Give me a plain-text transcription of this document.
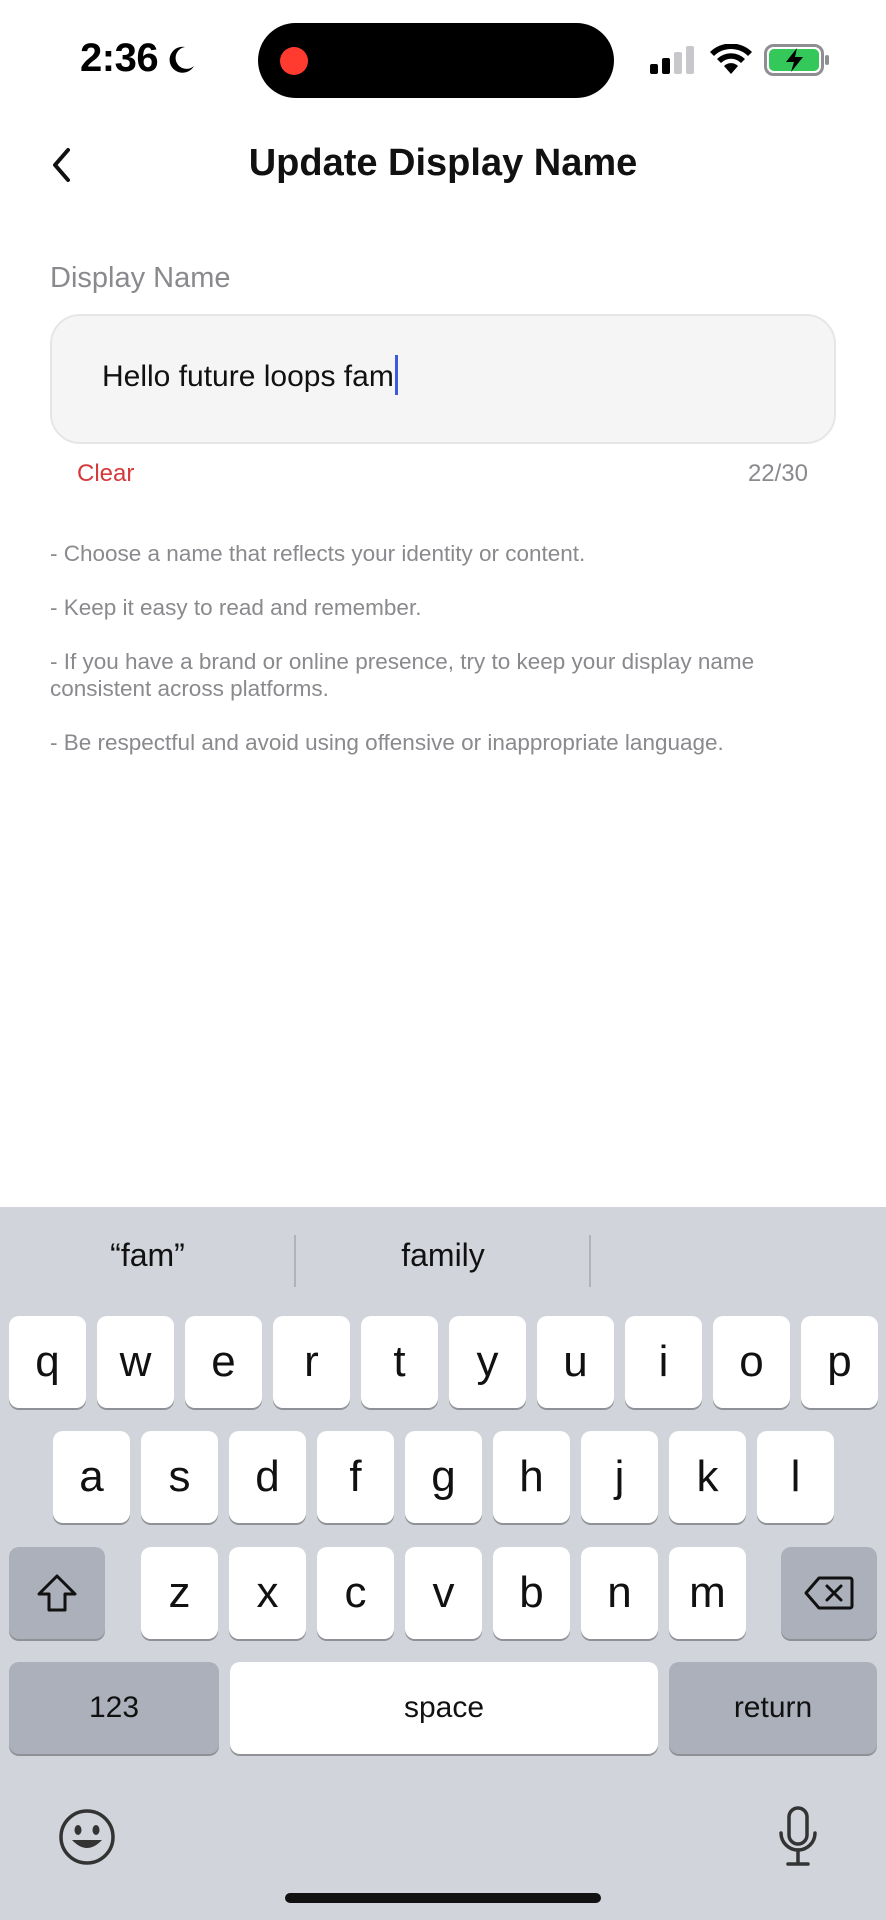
2:36
Update Display Name
Display Name
Hello future loops fam
Clear	22/30
- Choose a name that reflects your identity or content.
- Keep it easy to read and remember.
- If you have a brand or online presence, try to keep your display name consistent across platforms.
- Be respectful and avoid using offensive or inappropriate language.
“fam”	family
q	w	e	r	t	y	u	i	o	p
a	s	d	f	g	h	j	k	l
z	x	c	v	b	n	m
123	space	return
